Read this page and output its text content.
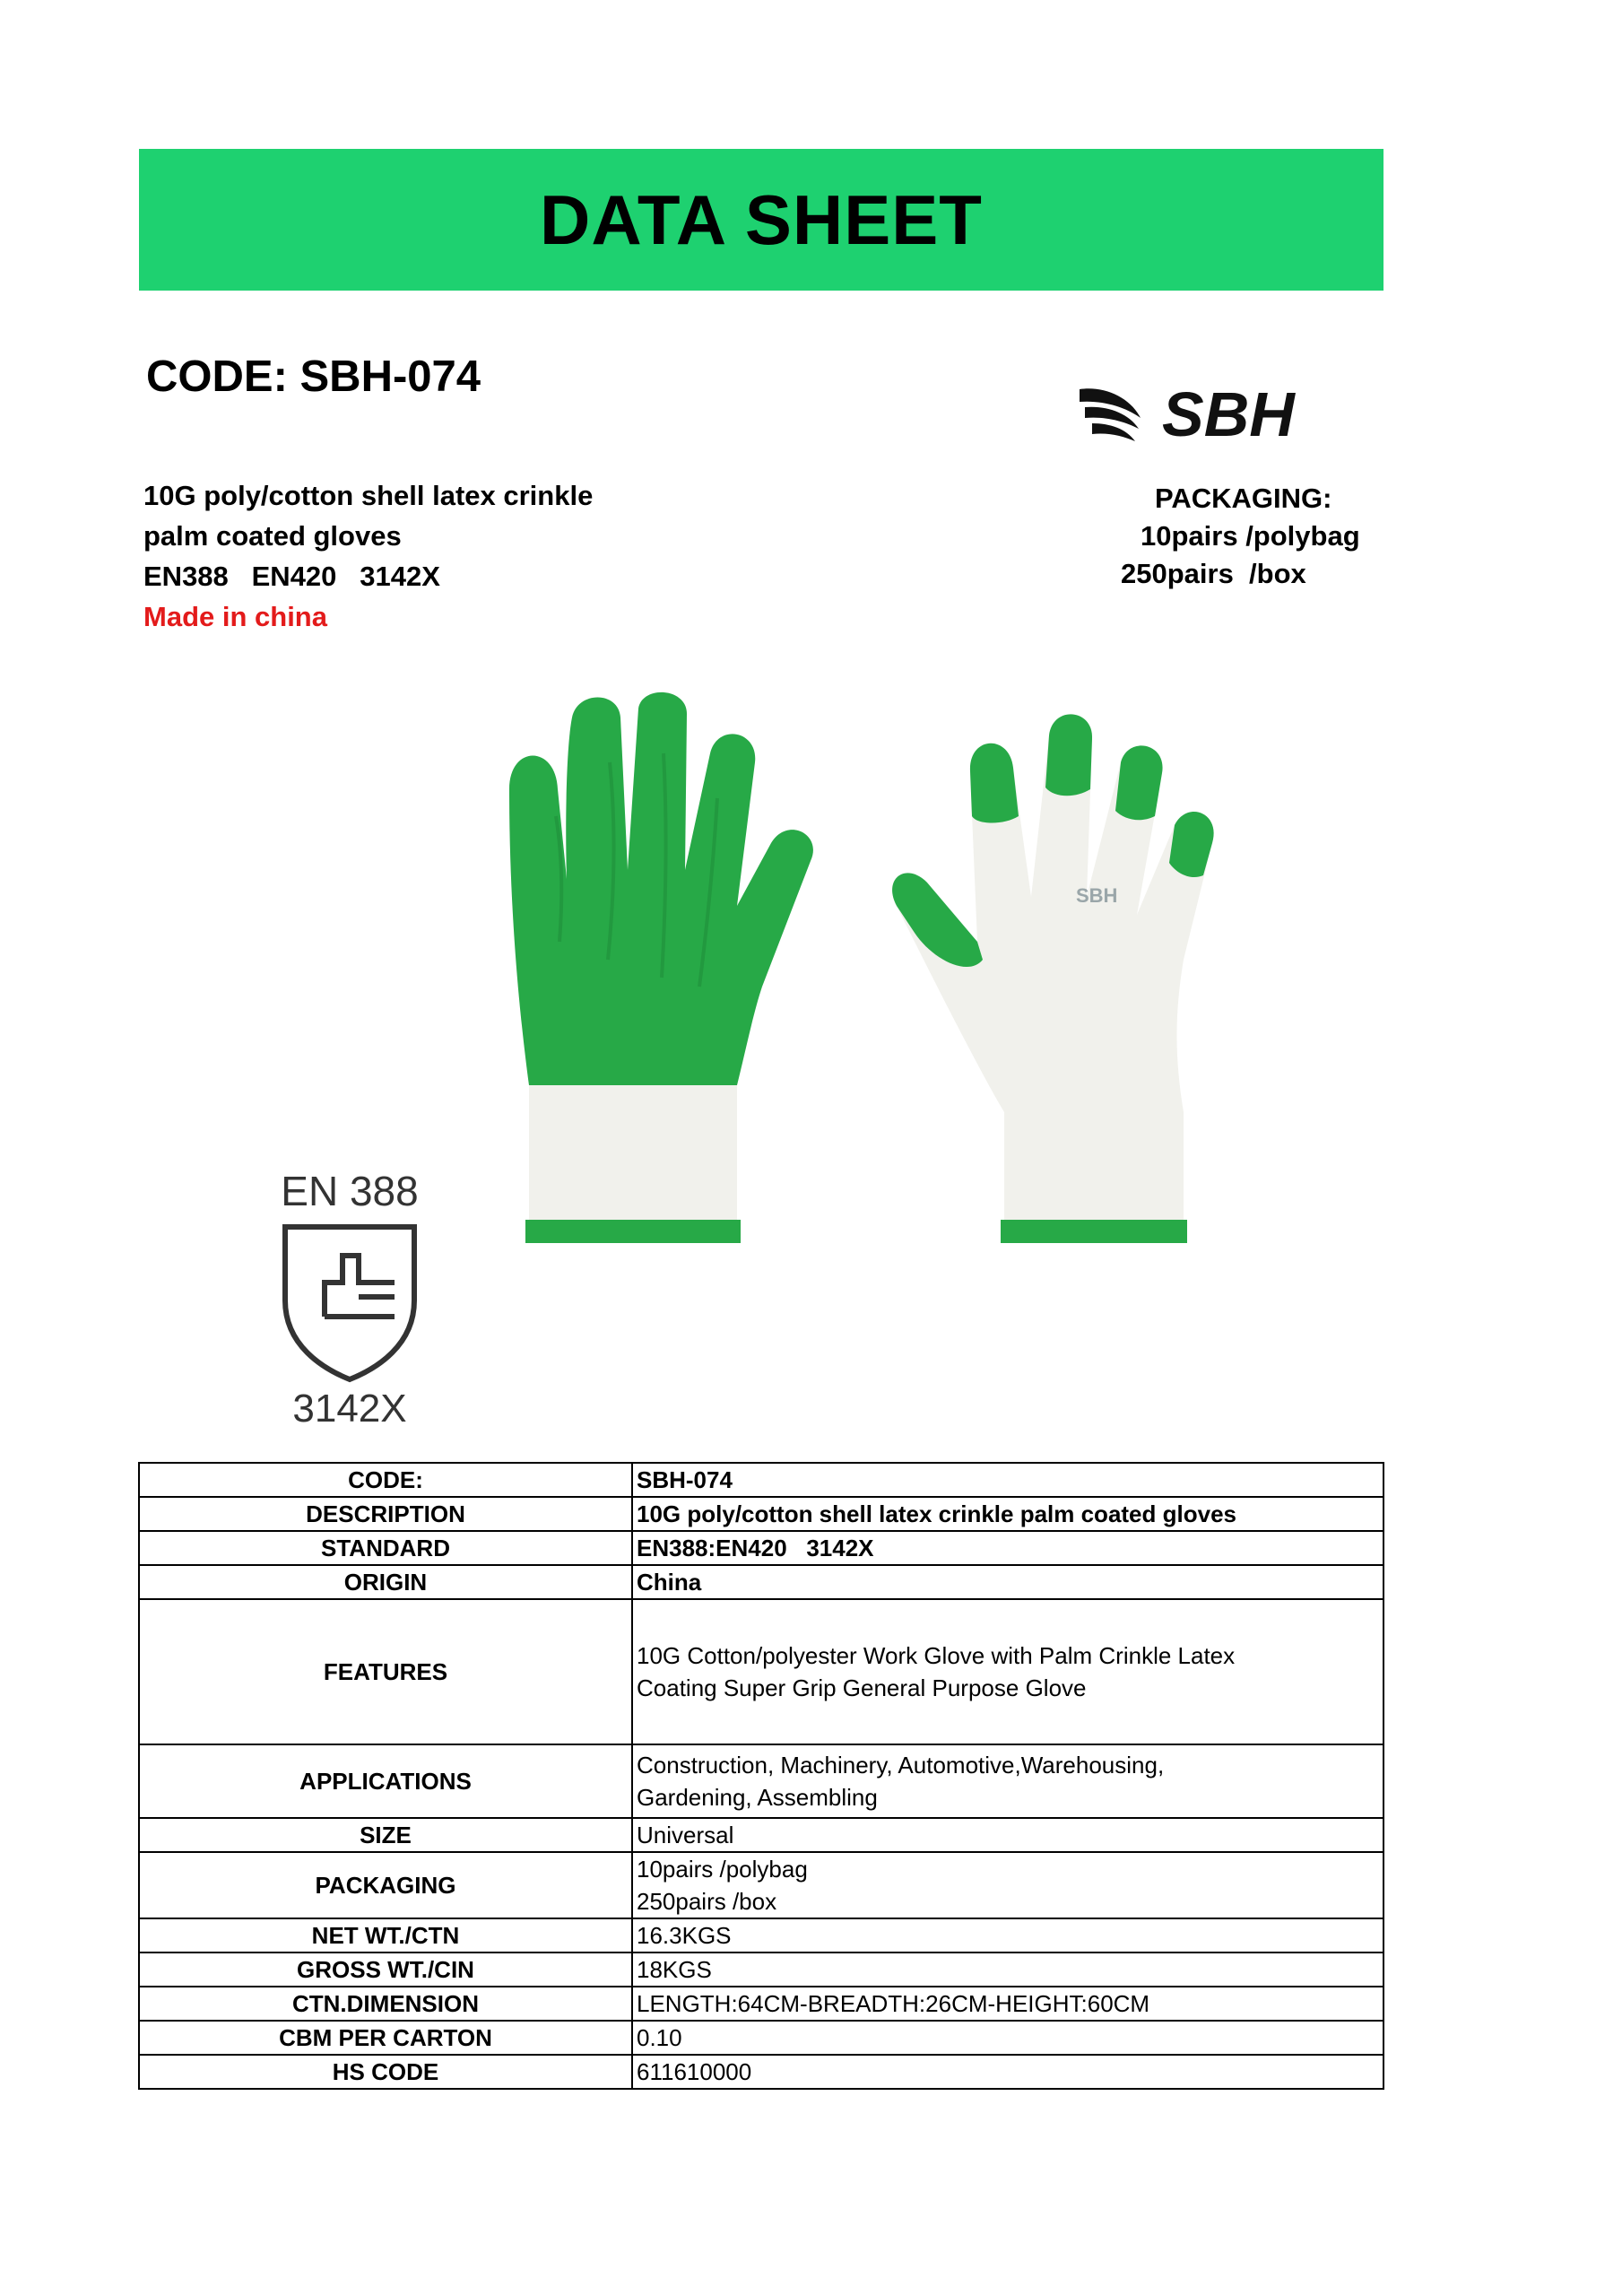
DATA SHEET
CODE: SBH-074
SBH
10G poly/cotton shell latex crinkle
palm coated gloves
EN388   EN420   3142X
Made in china
PACKAGING:
10pairs /polybag
250pairs  /box
SBH
EN 388
3142X
CODE:	SBH-074

DESCRIPTION	10G poly/cotton shell latex crinkle palm coated gloves

STANDARD	EN388:EN420   3142X

ORIGIN	China

FEATURES	10G Cotton/polyester Work Glove with Palm Crinkle Latex
Coating Super Grip General Purpose Glove

APPLICATIONS	Construction, Machinery, Automotive,Warehousing,
Gardening, Assembling

SIZE	Universal

PACKAGING	10pairs /polybag
250pairs /box

NET WT./CTN	16.3KGS

GROSS WT./CIN	18KGS

CTN.DIMENSION	LENGTH:64CM-BREADTH:26CM-HEIGHT:60CM

CBM PER CARTON	0.10

HS CODE	611610000
